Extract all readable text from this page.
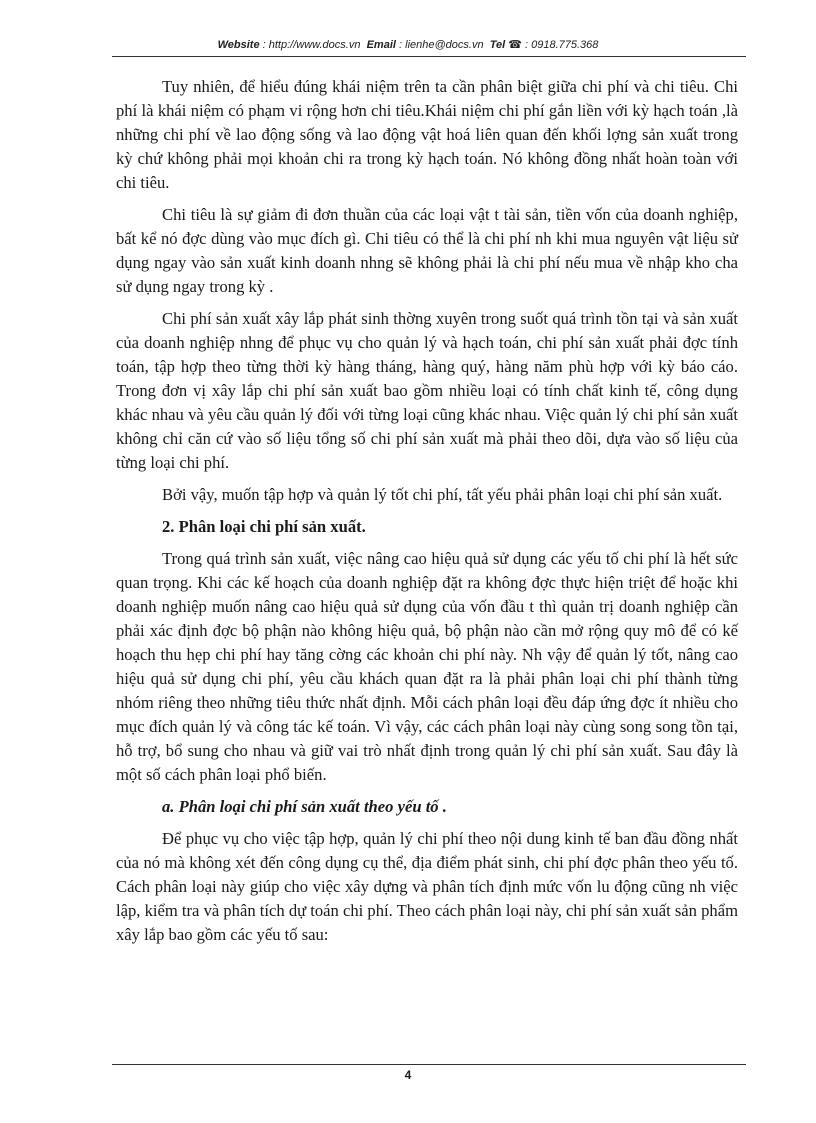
Website : http://www.docs.vn Email : lienhe@docs.vn Tel ☎ : 0918.775.368

Tuy nhiên, để hiểu đúng khái niệm trên ta cần phân biệt giữa chi phí và chi tiêu. Chi phí là khái niệm có phạm vi rộng hơn chi tiêu.Khái niệm chi phí gắn liền với kỳ hạch toán ,là những chi phí về lao động sống và lao động vật hoá liên quan đến khối lợng sản xuất trong kỳ chứ không phải mọi khoản chi ra trong kỳ hạch toán. Nó không đồng nhất hoàn toàn với chi tiêu.

Chi tiêu là sự giảm đi đơn thuần của các loại vật t tài sản, tiền vốn của doanh nghiệp, bất kể nó đợc dùng vào mục đích gì. Chi tiêu có thể là chi phí nh khi mua nguyên vật liệu sử dụng ngay vào sản xuất kinh doanh nhng sẽ không phải là chi phí nếu mua về nhập kho cha sử dụng ngay trong kỳ .

Chi phí sản xuất xây lắp phát sinh thờng xuyên trong suốt quá trình tồn tại và sản xuất của doanh nghiệp nhng để phục vụ cho quản lý và hạch toán, chi phí sản xuất phải đợc tính toán, tập hợp theo từng thời kỳ hàng tháng, hàng quý, hàng năm phù hợp với kỳ báo cáo. Trong đơn vị xây lắp chi phí sản xuất bao gồm nhiều loại có tính chất kinh tế, công dụng khác nhau và yêu cầu quản lý đối với từng loại cũng khác nhau. Việc quản lý chi phí sản xuất không chỉ căn cứ vào số liệu tổng số chi phí sản xuất mà phải theo dõi, dựa vào số liệu của từng loại chi phí.

Bởi vậy, muốn tập hợp và quản lý tốt chi phí, tất yếu phải phân loại chi phí sản xuất.

2. Phân loại chi phí sản xuất.

Trong quá trình sản xuất, việc nâng cao hiệu quả sử dụng các yếu tố chi phí là hết sức quan trọng. Khi các kế hoạch của doanh nghiệp đặt ra không đợc thực hiện triệt để hoặc khi doanh nghiệp muốn nâng cao hiệu quả sử dụng của vốn đầu t thì quản trị doanh nghiệp cần phải xác định đợc bộ phận nào không hiệu quả, bộ phận nào cần mở rộng quy mô để có kế hoạch thu hẹp chi phí hay tăng cờng các khoản chi phí này. Nh vậy để quản lý tốt, nâng cao hiệu quả sử dụng chi phí, yêu cầu khách quan đặt ra là phải phân loại chi phí thành từng nhóm riêng theo những tiêu thức nhất định. Mỗi cách phân loại đều đáp ứng đợc ít nhiều cho mục đích quản lý và công tác kế toán. Vì vậy, các cách phân loại này cùng song song tồn tại, hỗ trợ, bổ sung cho nhau và giữ vai trò nhất định trong quản lý chi phí sản xuất. Sau đây là một số cách phân loại phổ biến.

a. Phân loại chi phí sản xuất theo yếu tố .

Để phục vụ cho việc tập hợp, quản lý chi phí theo nội dung kinh tế ban đầu đồng nhất của nó mà không xét đến công dụng cụ thể, địa điểm phát sinh, chi phí đợc phân theo yếu tố. Cách phân loại này giúp cho việc xây dựng và phân tích định mức vốn lu động cũng nh việc lập, kiểm tra và phân tích dự toán chi phí. Theo cách phân loại này, chi phí sản xuất sản phẩm xây lắp bao gồm các yếu tố sau:

4
